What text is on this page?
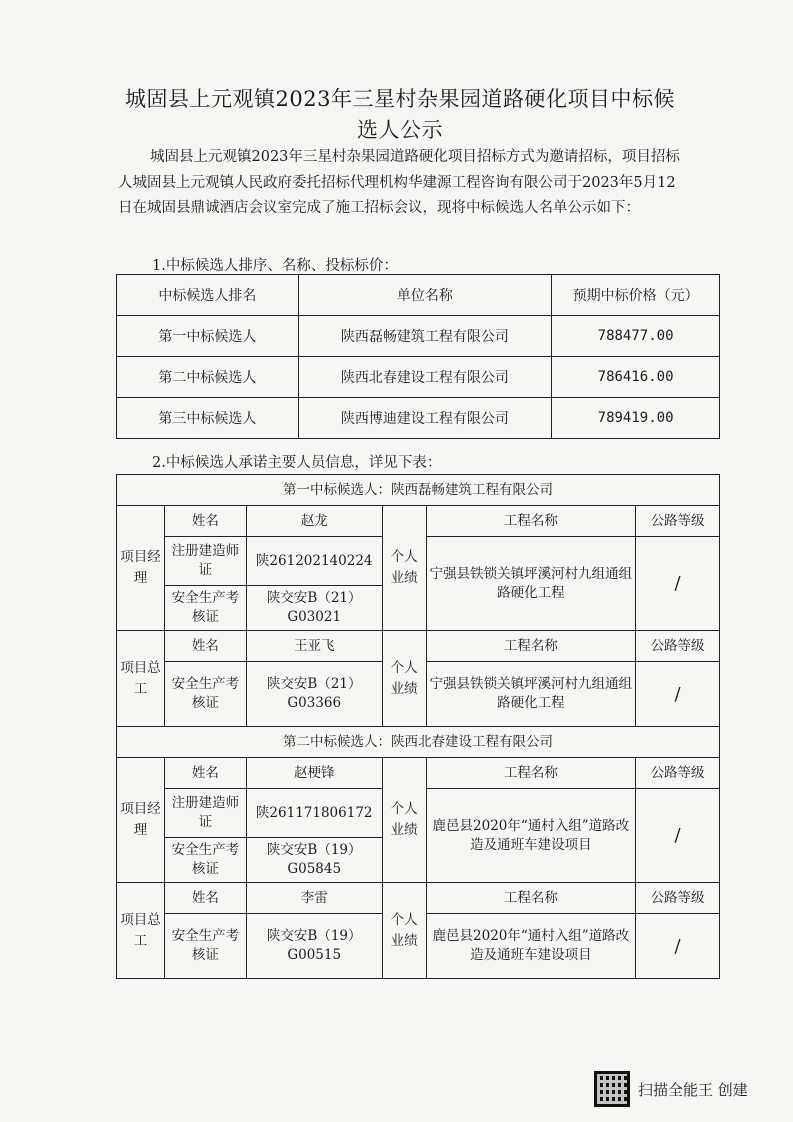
城固县上元观镇2023年三星村杂果园道路硬化项目中标候
选人公示
城固县上元观镇2023年三星村杂果园道路硬化项目招标方式为邀请招标，项目招标人城固县上元观镇人民政府委托招标代理机构华建源工程咨询有限公司于2023年5月12日在城固县鼎诚酒店会议室完成了施工招标会议，现将中标候选人名单公示如下：
1.中标候选人排序、名称、投标标价：
中标候选人排名	单位名称	预期中标价格（元）
第一中标候选人	陕西磊畅建筑工程有限公司	788477.00
第二中标候选人	陕西北春建设工程有限公司	786416.00
第三中标候选人	陕西博迪建设工程有限公司	789419.00
2.中标候选人承诺主要人员信息，详见下表：
第一中标候选人：陕西磊畅建筑工程有限公司					
项目经理	姓名	赵龙	个人业绩	工程名称	公路等级
	注册建造师证	陕261202140224		宁强县铁锁关镇坪溪河村九组通组路硬化工程	/
	安全生产考核证	陕交安B（21）G03021			
项目总工	姓名	王亚飞	个人业绩	工程名称	公路等级
	安全生产考核证	陕交安B（21）G03366		宁强县铁锁关镇坪溪河村九组通组路硬化工程	/
第二中标候选人：陕西北春建设工程有限公司					
项目经理	姓名	赵梗锋	个人业绩	工程名称	公路等级
	注册建造师证	陕261171806172		鹿邑县2020年“通村入组”道路改造及通班车建设项目	/
	安全生产考核证	陕交安B（19）G05845			
项目总工	姓名	李雷	个人业绩	工程名称	公路等级
	安全生产考核证	陕交安B（19）G00515		鹿邑县2020年“通村入组”道路改造及通班车建设项目	/
扫描全能王 创建
